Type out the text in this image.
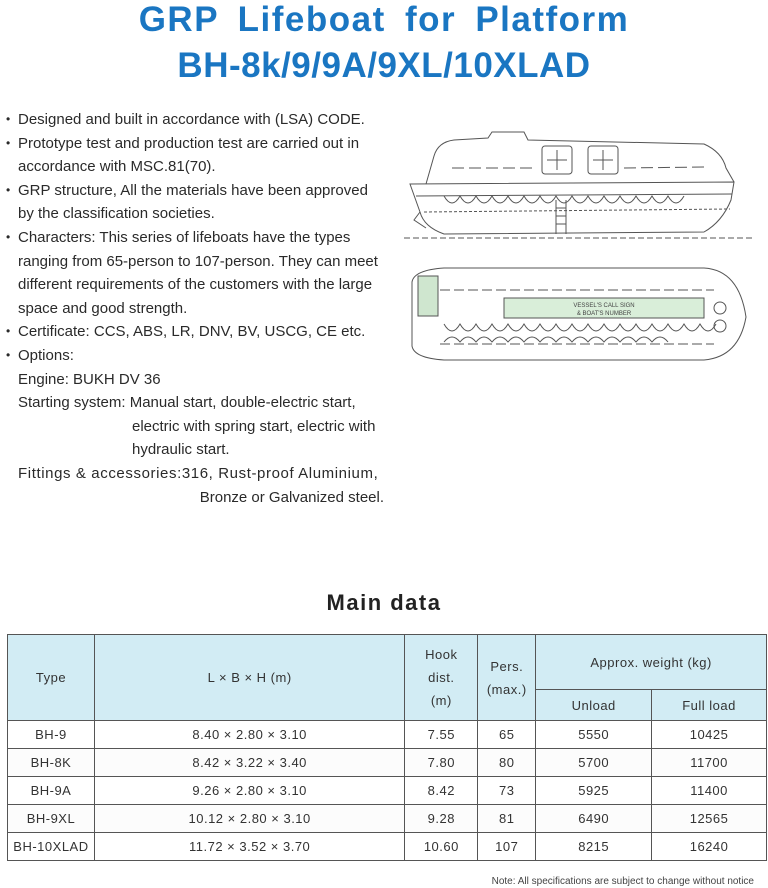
GRP Lifeboat for Platform
BH-8k/9/9A/9XL/10XLAD
• Designed and built in accordance with (LSA) CODE.
• Prototype test and production test are carried out in
accordance with MSC.81(70).
• GRP structure, All the materials have been approved
by the classification societies.
• Characters: This series of lifeboats have the types
ranging from 65-person to 107-person. They can meet
different requirements of the customers with the large
space and good strength.
• Certificate: CCS, ABS, LR, DNV, BV, USCG, CE etc.
• Options:
Engine: BUKH DV 36
Starting system: Manual start, double-electric start,
electric with spring start, electric with
hydraulic start.
Fittings & accessories:316, Rust-proof Aluminium,
Bronze or Galvanized steel.
VESSEL'S CALL SIGN
& BOAT'S NUMBER
Main data
Type	L × B × H (m)	Hook
dist.
(m)	Pers.
(max.)	Approx. weight (kg)	
				Unload	Full load
BH-9	8.40 × 2.80 × 3.10	7.55	65	5550	10425
BH-8K	8.42 × 3.22 × 3.40	7.80	80	5700	11700
BH-9A	9.26 × 2.80 × 3.10	8.42	73	5925	11400
BH-9XL	10.12 × 2.80 × 3.10	9.28	81	6490	12565
BH-10XLAD	11.72 × 3.52 × 3.70	10.60	107	8215	16240
Note: All specifications are subject to change without notice
